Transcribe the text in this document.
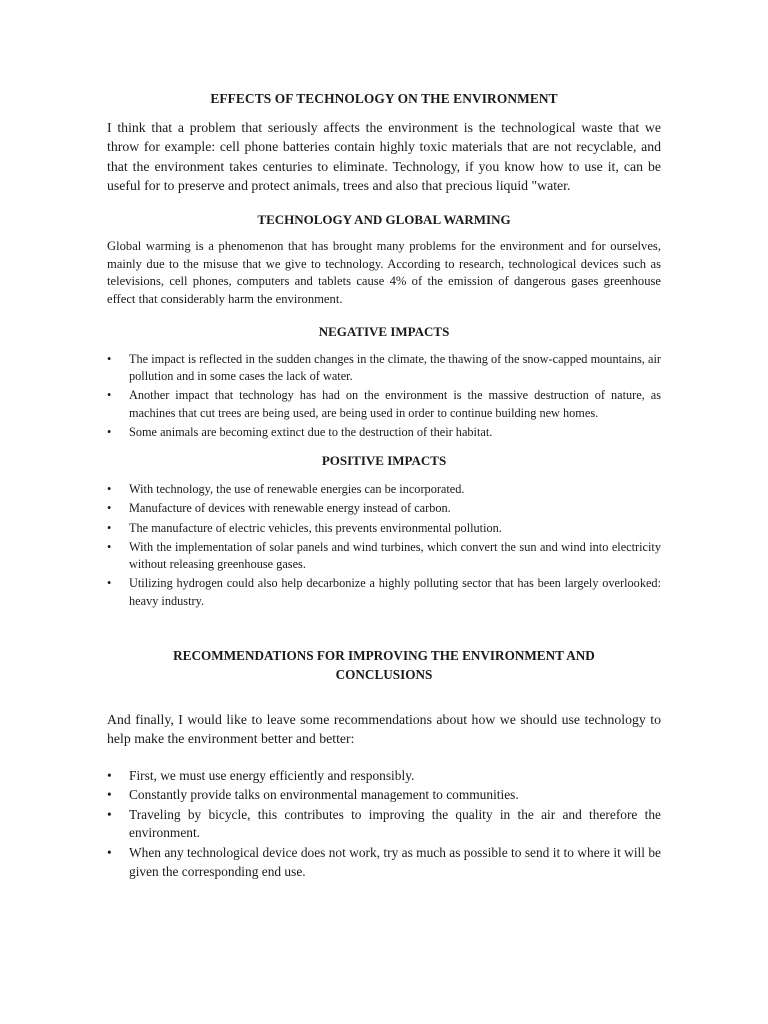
EFFECTS OF TECHNOLOGY ON THE ENVIRONMENT

I think that a problem that seriously affects the environment is the technological waste that we throw for example: cell phone batteries contain highly toxic materials that are not recyclable, and that the environment takes centuries to eliminate. Technology, if you know how to use it, can be useful for to preserve and protect animals, trees and also that precious liquid "water.

TECHNOLOGY AND GLOBAL WARMING

Global warming is a phenomenon that has brought many problems for the environment and for ourselves, mainly due to the misuse that we give to technology. According to research, technological devices such as televisions, cell phones, computers and tablets cause 4% of the emission of dangerous gases greenhouse effect that considerably harm the environment.

NEGATIVE IMPACTS
• The impact is reflected in the sudden changes in the climate, the thawing of the snow-capped mountains, air pollution and in some cases the lack of water.
• Another impact that technology has had on the environment is the massive destruction of nature, as machines that cut trees are being used, are being used in order to continue building new homes.
• Some animals are becoming extinct due to the destruction of their habitat.
POSITIVE IMPACTS
• With technology, the use of renewable energies can be incorporated.
• Manufacture of devices with renewable energy instead of carbon.
• The manufacture of electric vehicles, this prevents environmental pollution.
• With the implementation of solar panels and wind turbines, which convert the sun and wind into electricity without releasing greenhouse gases.
• Utilizing hydrogen could also help decarbonize a highly polluting sector that has been largely overlooked: heavy industry.
RECOMMENDATIONS FOR IMPROVING THE ENVIRONMENT AND CONCLUSIONS

And finally, I would like to leave some recommendations about how we should use technology to help make the environment better and better:

• First, we must use energy efficiently and responsibly.
• Constantly provide talks on environmental management to communities.
• Traveling by bicycle, this contributes to improving the quality in the air and therefore the environment.
• When any technological device does not work, try as much as possible to send it to where it will be given the corresponding end use.
